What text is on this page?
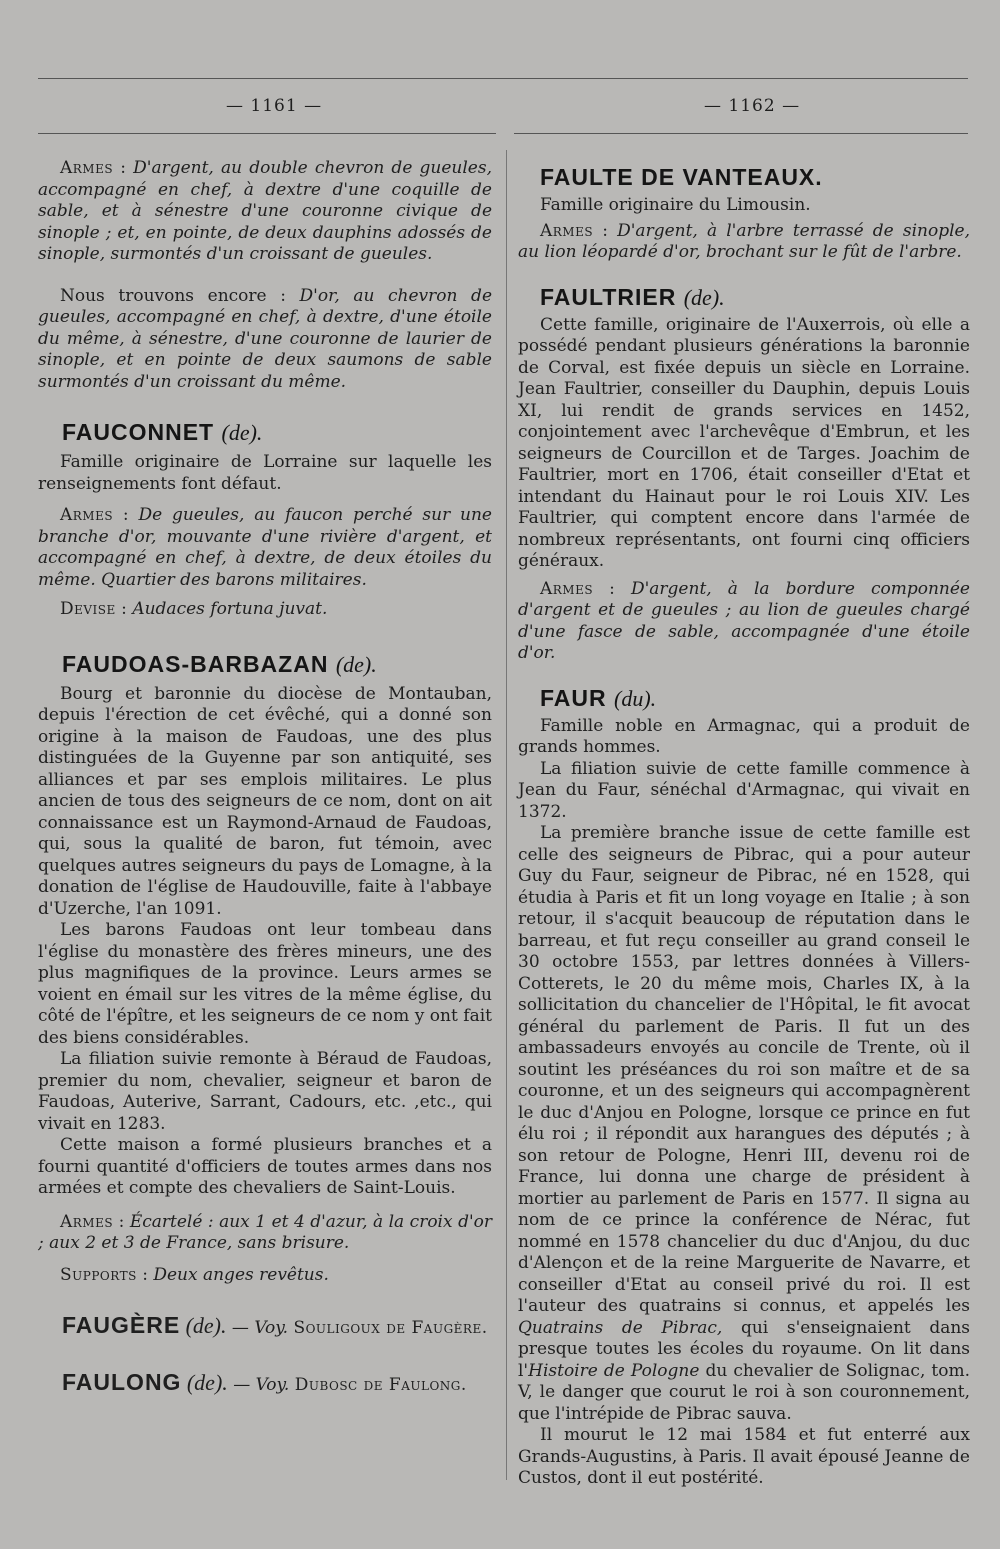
— 1161 —	— 1162 —

Armes : D'argent, au double chevron de gueules, accompagné en chef, à dextre d'une coquille de sable, et à sénestre d'une couronne civique de sinople ; et, en pointe, de deux dauphins adossés de sinople, surmontés d'un croissant de gueules.

Nous trouvons encore : D'or, au chevron de gueules, accompagné en chef, à dextre, d'une étoile du même, à sénestre, d'une couronne de laurier de sinople, et en pointe de deux saumons de sable surmontés d'un croissant du même.

FAUCONNET (de).

Famille originaire de Lorraine sur laquelle les renseignements font défaut.

Armes : De gueules, au faucon perché sur une branche d'or, mouvante d'une rivière d'argent, et accompagné en chef, à dextre, de deux étoiles du même. Quartier des barons militaires.

Devise : Audaces fortuna juvat.

FAUDOAS-BARBAZAN (de).

Bourg et baronnie du diocèse de Montauban, depuis l'érection de cet évêché, qui a donné son origine à la maison de Faudoas, une des plus distinguées de la Guyenne par son antiquité, ses alliances et par ses emplois militaires. Le plus ancien de tous des seigneurs de ce nom, dont on ait connaissance est un Raymond-Arnaud de Faudoas, qui, sous la qualité de baron, fut témoin, avec quelques autres seigneurs du pays de Lomagne, à la donation de l'église de Haudouville, faite à l'abbaye d'Uzerche, l'an 1091.

Les barons Faudoas ont leur tombeau dans l'église du monastère des frères mineurs, une des plus magnifiques de la province. Leurs armes se voient en émail sur les vitres de la même église, du côté de l'épître, et les seigneurs de ce nom y ont fait des biens considérables.

La filiation suivie remonte à Béraud de Faudoas, premier du nom, chevalier, seigneur et baron de Faudoas, Auterive, Sarrant, Cadours, etc. ,etc., qui vivait en 1283.

Cette maison a formé plusieurs branches et a fourni quantité d'officiers de toutes armes dans nos armées et compte des chevaliers de Saint-Louis.

Armes : Écartelé : aux 1 et 4 d'azur, à la croix d'or ; aux 2 et 3 de France, sans brisure.

Supports : Deux anges revêtus.

FAUGÈRE (de). — Voy. Souligoux de Faugère.

FAULONG (de). — Voy. Dubosc de Faulong.

FAULTE DE VANTEAUX.

Famille originaire du Limousin.

Armes : D'argent, à l'arbre terrassé de sinople, au lion léopardé d'or, brochant sur le fût de l'arbre.

FAULTRIER (de).

Cette famille, originaire de l'Auxerrois, où elle a possédé pendant plusieurs générations la baronnie de Corval, est fixée depuis un siècle en Lorraine. Jean Faultrier, conseiller du Dauphin, depuis Louis XI, lui rendit de grands services en 1452, conjointement avec l'archevêque d'Embrun, et les seigneurs de Courcillon et de Targes. Joachim de Faultrier, mort en 1706, était conseiller d'Etat et intendant du Hainaut pour le roi Louis XIV. Les Faultrier, qui comptent encore dans l'armée de nombreux représentants, ont fourni cinq officiers généraux.

Armes : D'argent, à la bordure componnée d'argent et de gueules ; au lion de gueules chargé d'une fasce de sable, accompagnée d'une étoile d'or.

FAUR (du).

Famille noble en Armagnac, qui a produit de grands hommes.

La filiation suivie de cette famille commence à Jean du Faur, sénéchal d'Armagnac, qui vivait en 1372.

La première branche issue de cette famille est celle des seigneurs de Pibrac, qui a pour auteur Guy du Faur, seigneur de Pibrac, né en 1528, qui étudia à Paris et fit un long voyage en Italie ; à son retour, il s'acquit beaucoup de réputation dans le barreau, et fut reçu conseiller au grand conseil le 30 octobre 1553, par lettres données à Villers-Cotterets, le 20 du même mois, Charles IX, à la sollicitation du chancelier de l'Hôpital, le fit avocat général du parlement de Paris. Il fut un des ambassadeurs envoyés au concile de Trente, où il soutint les préséances du roi son maître et de sa couronne, et un des seigneurs qui accompagnèrent le duc d'Anjou en Pologne, lorsque ce prince en fut élu roi ; il répondit aux harangues des députés ; à son retour de Pologne, Henri III, devenu roi de France, lui donna une charge de président à mortier au parlement de Paris en 1577. Il signa au nom de ce prince la conférence de Nérac, fut nommé en 1578 chancelier du duc d'Anjou, du duc d'Alençon et de la reine Marguerite de Navarre, et conseiller d'Etat au conseil privé du roi. Il est l'auteur des quatrains si connus, et appelés les Quatrains de Pibrac, qui s'enseignaient dans presque toutes les écoles du royaume. On lit dans l'Histoire de Pologne du chevalier de Solignac, tom. V, le danger que courut le roi à son couronnement, que l'intrépide de Pibrac sauva.

Il mourut le 12 mai 1584 et fut enterré aux Grands-Augustins, à Paris. Il avait épousé Jeanne de Custos, dont il eut postérité.
